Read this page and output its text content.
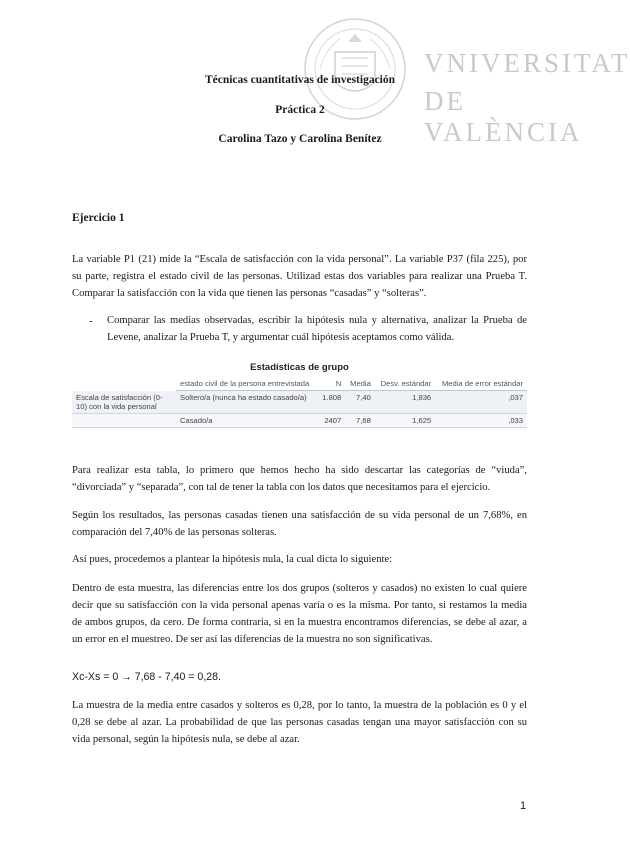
VNIVERSITAT
DE VALÈNCIA
Técnicas cuantitativas de investigación
Práctica 2
Carolina Tazo y Carolina Benítez
Ejercicio 1

La variable P1 (21) mide la “Escala de satisfacción con la vida personal”. La variable P37 (fila 225), por su parte, registra el estado civil de las personas. Utilizad estas dos variables para realizar una Prueba T. Comparar la satisfacción con la vida que tienen las personas “casadas” y “solteras”.

- Comparar las medias observadas, escribir la hipótesis nula y alternativa, analizar la Prueba de Levene, analizar la Prueba T, y argumentar cuál hipótesis aceptamos como válida.

Estadísticas de grupo
	estado civil de la persona entrevistada	N	Media	Desv. estándar	Media de error estándar
Escala de satisfacción (0-10) con la vida personal	Soltero/a (nunca ha estado casado/a)	1.808	7,40	1,836	,037
	Casado/a	2407	7,68	1,625	,033

Para realizar esta tabla, lo primero que hemos hecho ha sido descartar las categorías de “viuda”, “divorciada” y “separada”, con tal de tener la tabla con los datos que necesitamos para el ejercicio.

Según los resultados, las personas casadas tienen una satisfacción de su vida personal de un 7,68%, en comparación del 7,40% de las personas solteras.

Así pues, procedemos a plantear la hipótesis nula, la cual dicta lo siguiente:

Dentro de esta muestra, las diferencias entre los dos grupos (solteros y casados) no existen lo cual quiere decir que su satisfacción con la vida personal apenas varía o es la misma. Por tanto, si restamos la media de ambos grupos, da cero. De forma contraria, si en la muestra encontramos diferencias, se debe al azar, a un error en el muestreo. De ser así las diferencias de la muestra no son significativas.

Xc-Xs = 0 → 7,68 - 7,40 = 0,28.

La muestra de la media entre casados y solteros es 0,28, por lo tanto, la muestra de la población es 0 y el 0,28 se debe al azar. La probabilidad de que las personas casadas tengan una mayor satisfacción con su vida personal, según la hipótesis nula, se debe al azar.

1
